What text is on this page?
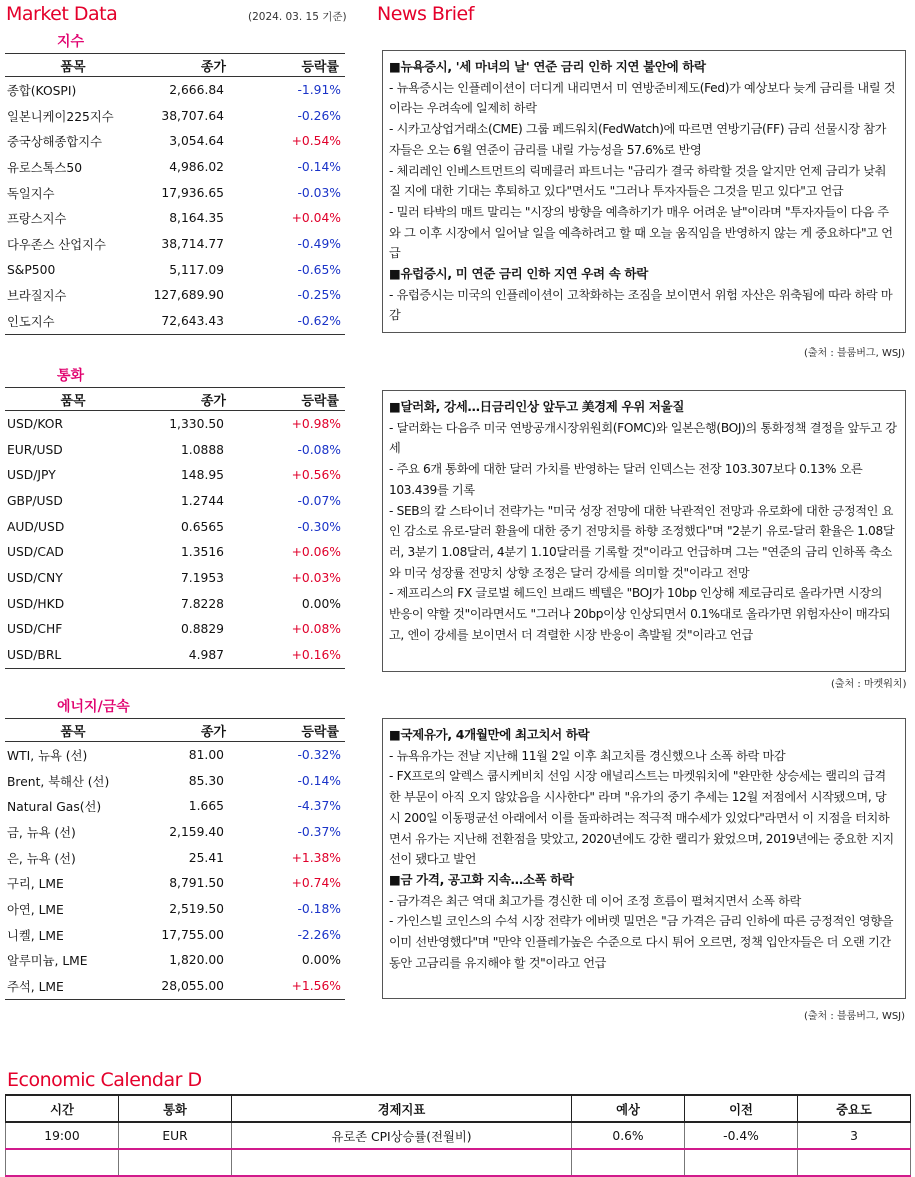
Market Data	(2024. 03. 15 기준)
지수
품목	종가	등락률
종합(KOSPI)	2,666.84	-1.91%
일본니케이225지수	38,707.64	-0.26%
중국상해종합지수	3,054.64	+0.54%
유로스톡스50	4,986.02	-0.14%
독일지수	17,936.65	-0.03%
프랑스지수	8,164.35	+0.04%
다우존스 산업지수	38,714.77	-0.49%
S&P500	5,117.09	-0.65%
브라질지수	127,689.90	-0.25%
인도지수	72,643.43	-0.62%
통화
품목	종가	등락률
USD/KOR	1,330.50	+0.98%
EUR/USD	1.0888	-0.08%
USD/JPY	148.95	+0.56%
GBP/USD	1.2744	-0.07%
AUD/USD	0.6565	-0.30%
USD/CAD	1.3516	+0.06%
USD/CNY	7.1953	+0.03%
USD/HKD	7.8228	0.00%
USD/CHF	0.8829	+0.08%
USD/BRL	4.987	+0.16%
에너지/금속
품목	종가	등락률
WTI, 뉴욕 (선)	81.00	-0.32%
Brent, 북해산 (선)	85.30	-0.14%
Natural Gas(선)	1.665	-4.37%
금, 뉴욕 (선)	2,159.40	-0.37%
은, 뉴욕 (선)	25.41	+1.38%
구리, LME	8,791.50	+0.74%
아연, LME	2,519.50	-0.18%
니켈, LME	17,755.00	-2.26%
알루미늄, LME	1,820.00	0.00%
주석, LME	28,055.00	+1.56%
News Brief

■뉴욕증시, '세 마녀의 날' 연준 금리 인하 지연 불안에 하락

- 뉴욕증시는 인플레이션이 더디게 내리면서 미 연방준비제도(Fed)가 예상보다 늦게 금리를 내릴 것이라는 우려속에 일제히 하락

- 시카고상업거래소(CME) 그룹 페드워치(FedWatch)에 따르면 연방기금(FF) 금리 선물시장 참가자들은 오는 6월 연준이 금리를 내릴 가능성을 57.6%로 반영

- 체리레인 인베스트먼트의 릭메클러 파트너는 "금리가 결국 하락할 것을 알지만 언제 금리가 낮춰질 지에 대한 기대는 후퇴하고 있다"면서도 "그러나 투자자들은 그것을 믿고 있다"고 언급

- 밀러 타박의 매트 말리는 "시장의 방향을 예측하기가 매우 어려운 날"이라며 "투자자들이 다음 주와 그 이후 시장에서 일어날 일을 예측하려고 할 때 오늘 움직임을 반영하지 않는 게 중요하다"고 언급

■유럽증시, 미 연준 금리 인하 지연 우려 속 하락

- 유럽증시는 미국의 인플레이션이 고착화하는 조짐을 보이면서 위험 자산은 위축됨에 따라 하락 마감

(출처 : 블룸버그, WSJ)

■달러화, 강세…日금리인상 앞두고 美경제 우위 저울질

- 달러화는 다음주 미국 연방공개시장위원회(FOMC)와 일본은행(BOJ)의 통화정책 결정을 앞두고 강세

- 주요 6개 통화에 대한 달러 가치를 반영하는 달러 인덱스는 전장 103.307보다 0.13% 오른 103.439를 기록

- SEB의 칼 스타이너 전략가는 "미국 성장 전망에 대한 낙관적인 전망과 유로화에 대한 긍정적인 요인 감소로 유로-달러 환율에 대한 중기 전망치를 하향 조정했다"며 "2분기 유로-달러 환율은 1.08달러, 3분기 1.08달러, 4분기 1.10달러를 기록할 것"이라고 언급하며 그는 "연준의 금리 인하폭 축소와 미국 성장률 전망치 상향 조정은 달러 강세를 의미할 것"이라고 전망

- 제프리스의 FX 글로벌 헤드인 브래드 벡텔은 "BOJ가 10bp 인상해 제로금리로 올라가면 시장의 반응이 약할 것"이라면서도 "그러나 20bp이상 인상되면서 0.1%대로 올라가면 위험자산이 매각되고, 엔이 강세를 보이면서 더 격렬한 시장 반응이 촉발될 것"이라고 언급

(출처 : 마켓워치)

■국제유가, 4개월만에 최고치서 하락

- 뉴욕유가는 전날 지난해 11월 2일 이후 최고치를 경신했으나 소폭 하락 마감

- FX프로의 알렉스 쿱시케비치 선임 시장 애널리스트는 마켓워치에 "완만한 상승세는 랠리의 급격한 부문이 아직 오지 않았음을 시사한다" 라며 "유가의 중기 추세는 12월 저점에서 시작됐으며, 당시 200일 이동평균선 아래에서 이를 돌파하려는 적극적 매수세가 있었다"라면서 이 지점을 터치하면서 유가는 지난해 전환점을 맞았고, 2020년에도 강한 랠리가 왔었으며, 2019년에는 중요한 지지선이 됐다고 발언

■금 가격, 공고화 지속…소폭 하락

- 금가격은 최근 역대 최고가를 경신한 데 이어 조정 흐름이 펼쳐지면서 소폭 하락

- 가인스빌 코인스의 수석 시장 전략가 에버렛 밀먼은 "금 가격은 금리 인하에 따른 긍정적인 영향을 이미 선반영했다"며 "만약 인플레가높은 수준으로 다시 튀어 오르면, 정책 입안자들은 더 오랜 기간 동안 고금리를 유지해야 할 것"이라고 언급

(출처 : 블룸버그, WSJ)
Economic Calendar D
시간	통화	경제지표	예상	이전	중요도
19:00	EUR	유로존 CPI상승률(전월비)	0.6%	-0.4%	3
